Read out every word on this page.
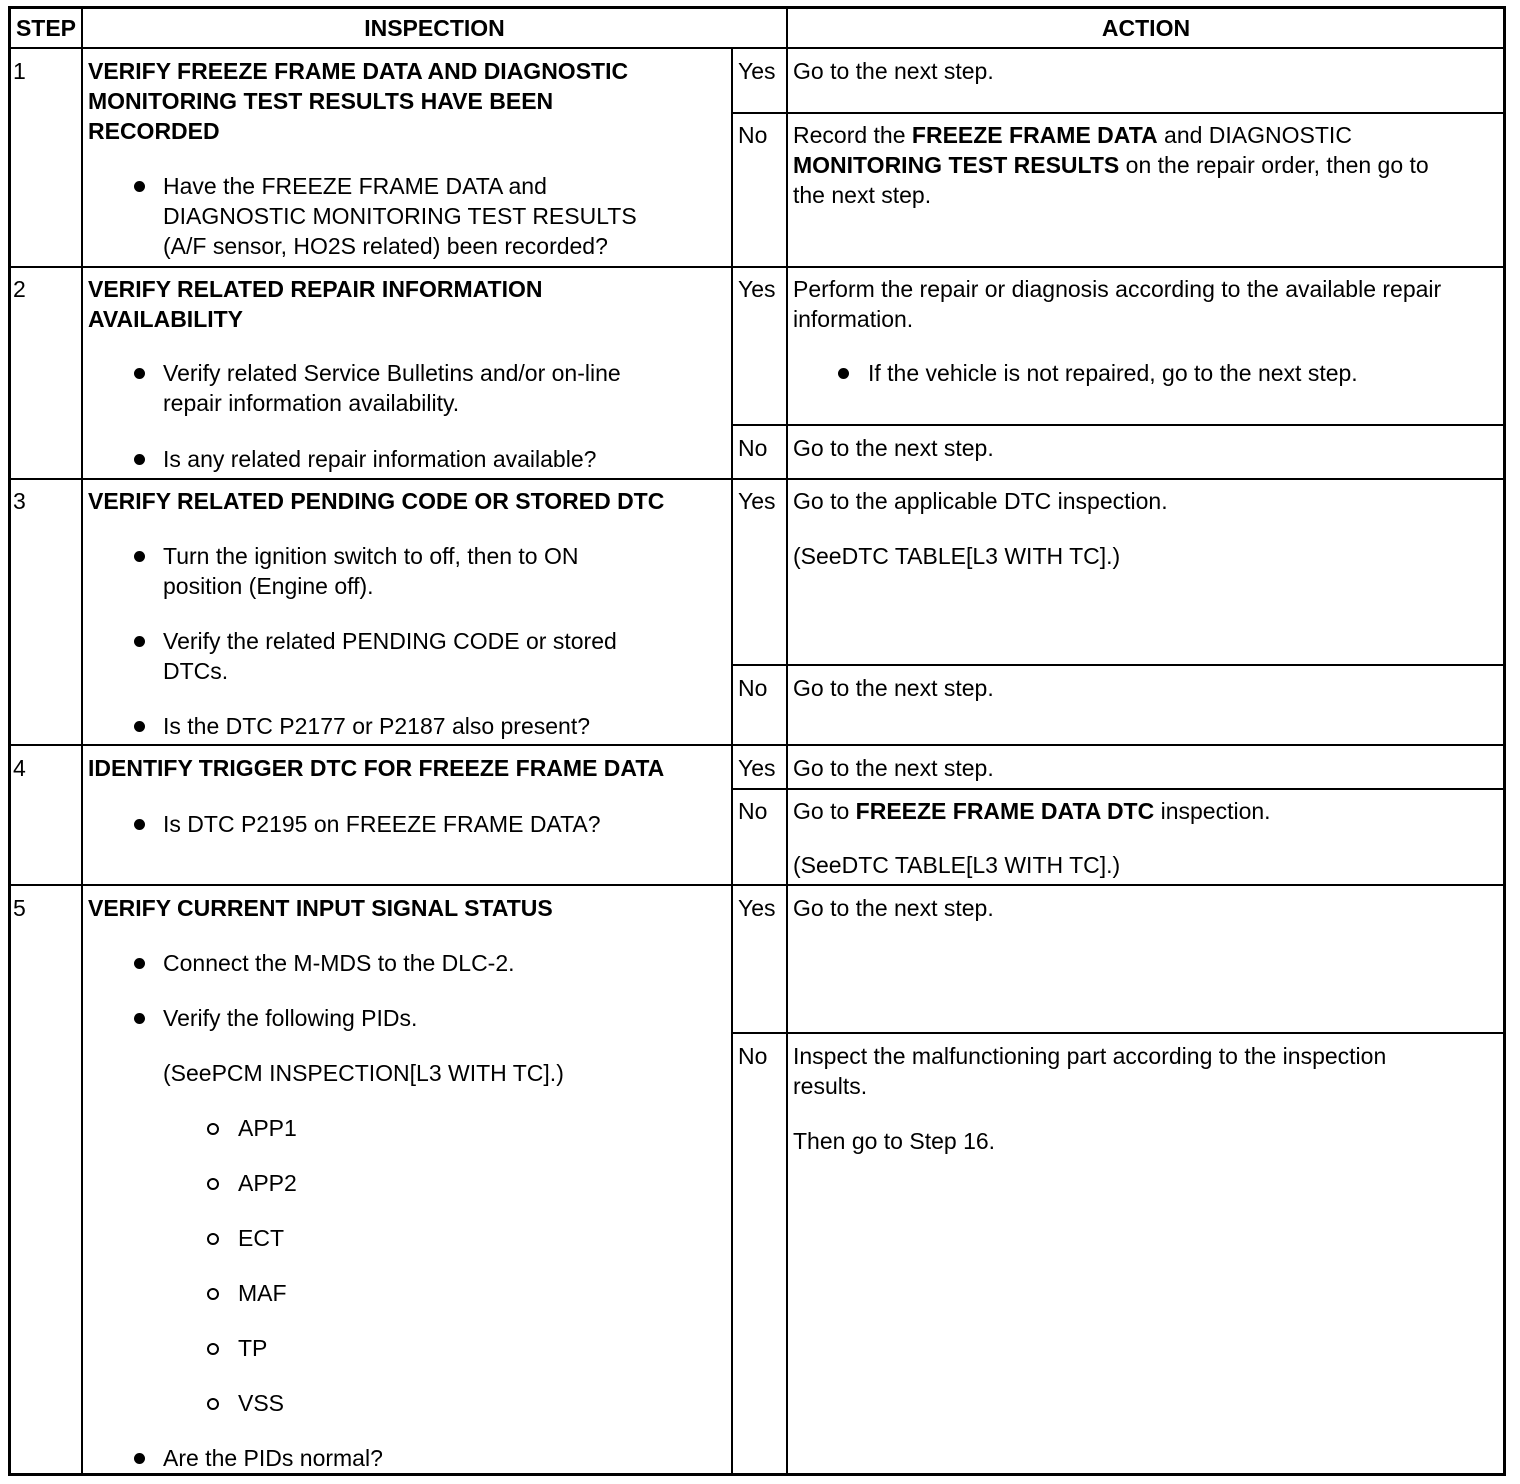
STEP	INSPECTION	ACTION
1	VERIFY FREEZE FRAME DATA AND DIAGNOSTIC
MONITORING TEST RESULTS HAVE BEEN
RECORDED
Have the FREEZE FRAME DATA and
DIAGNOSTIC MONITORING TEST RESULTS
(A/F sensor, HO2S related) been recorded?
Yes Go to the next step.
No Record the FREEZE FRAME DATA and DIAGNOSTIC
MONITORING TEST RESULTS on the repair order, then go to
the next step.
2	VERIFY RELATED REPAIR INFORMATION
AVAILABILITY
Verify related Service Bulletins and/or on-line
repair information availability.
Is any related repair information available?
Yes Perform the repair or diagnosis according to the available repair
information.
If the vehicle is not repaired, go to the next step.
No Go to the next step.
3	VERIFY RELATED PENDING CODE OR STORED DTC
Turn the ignition switch to off, then to ON
position (Engine off).
Verify the related PENDING CODE or stored
DTCs.
Is the DTC P2177 or P2187 also present?
Yes Go to the applicable DTC inspection.
(SeeDTC TABLE[L3 WITH TC].)
No Go to the next step.
4	IDENTIFY TRIGGER DTC FOR FREEZE FRAME DATA
Is DTC P2195 on FREEZE FRAME DATA?
Yes Go to the next step.
No Go to FREEZE FRAME DATA DTC inspection.
(SeeDTC TABLE[L3 WITH TC].)
5	VERIFY CURRENT INPUT SIGNAL STATUS
Connect the M-MDS to the DLC-2.
Verify the following PIDs.
(SeePCM INSPECTION[L3 WITH TC].)
APP1
APP2
ECT
MAF
TP
VSS
Are the PIDs normal?
Yes Go to the next step.
No Inspect the malfunctioning part according to the inspection
results.
Then go to Step 16.
